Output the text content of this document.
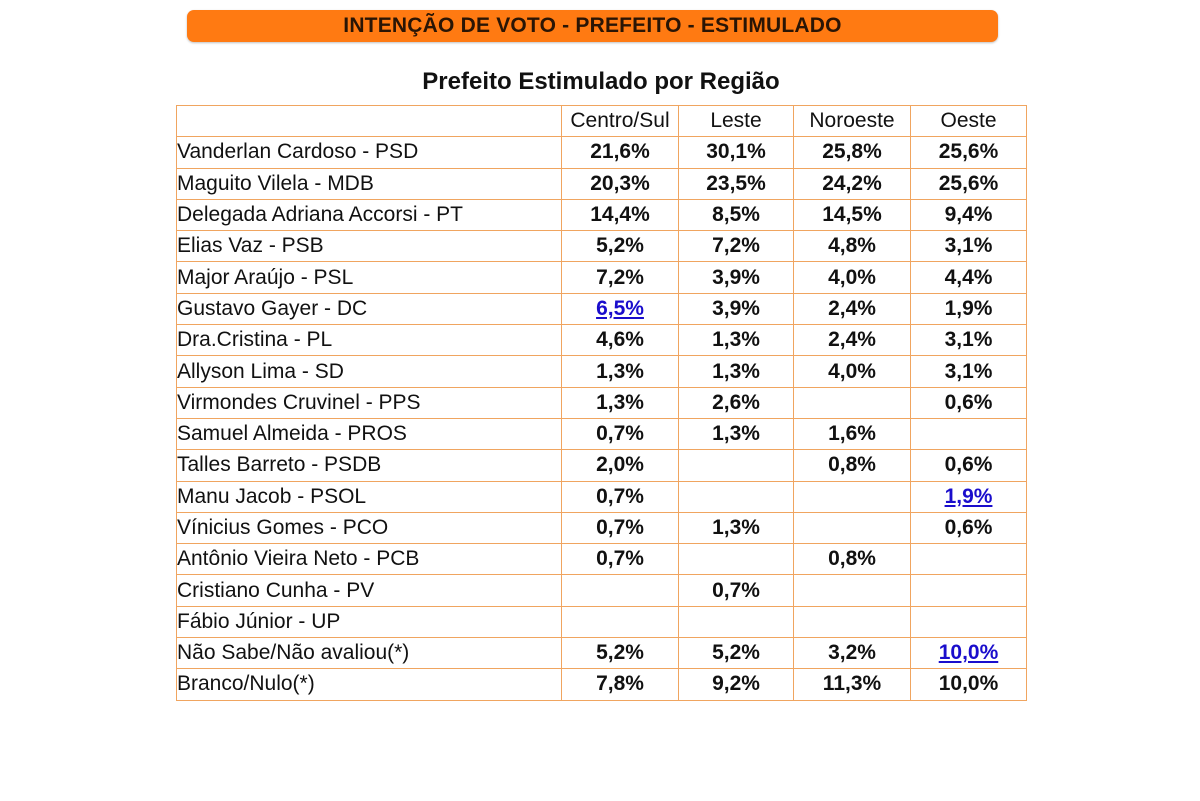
INTENÇÃO DE VOTO - PREFEITO - ESTIMULADO
Prefeito Estimulado por Região
	Centro/Sul	Leste	Noroeste	Oeste
Vanderlan Cardoso - PSD	21,6%	30,1%	25,8%	25,6%
Maguito Vilela - MDB	20,3%	23,5%	24,2%	25,6%
Delegada Adriana Accorsi - PT	14,4%	8,5%	14,5%	9,4%
Elias Vaz - PSB	5,2%	7,2%	4,8%	3,1%
Major Araújo - PSL	7,2%	3,9%	4,0%	4,4%
Gustavo Gayer - DC	6,5%	3,9%	2,4%	1,9%
Dra.Cristina - PL	4,6%	1,3%	2,4%	3,1%
Allyson Lima - SD	1,3%	1,3%	4,0%	3,1%
Virmondes Cruvinel - PPS	1,3%	2,6%		0,6%
Samuel Almeida - PROS	0,7%	1,3%	1,6%	
Talles Barreto - PSDB	2,0%		0,8%	0,6%
Manu Jacob - PSOL	0,7%			1,9%
Vínicius Gomes - PCO	0,7%	1,3%		0,6%
Antônio Vieira Neto - PCB	0,7%		0,8%	
Cristiano Cunha - PV		0,7%		
Fábio Júnior - UP				
Não Sabe/Não avaliou(*)	5,2%	5,2%	3,2%	10,0%
Branco/Nulo(*)	7,8%	9,2%	11,3%	10,0%
